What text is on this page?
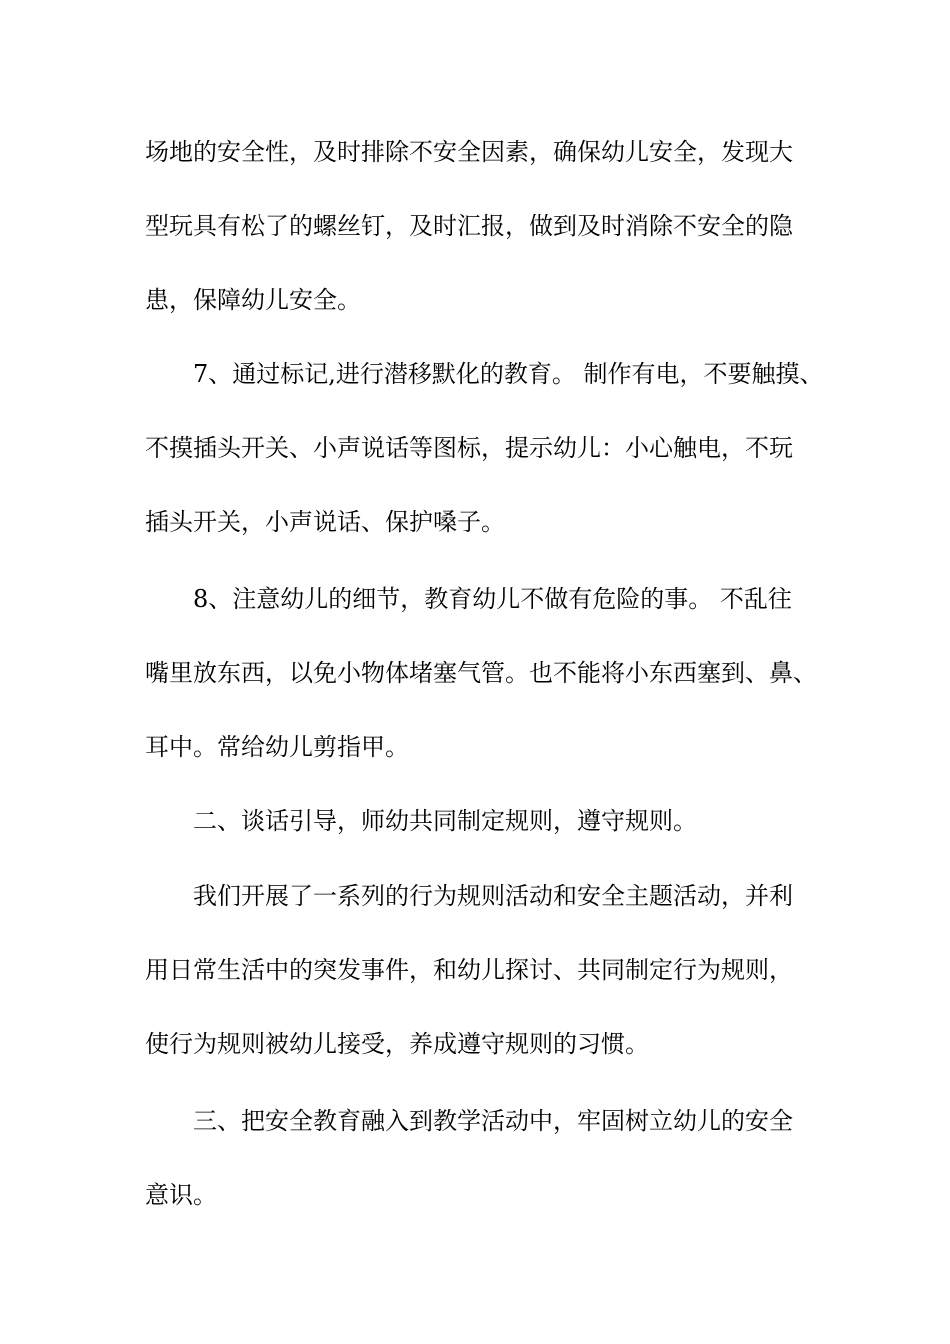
场地的安全性，及时排除不安全因素，确保幼儿安全，发现大
型玩具有松了的螺丝钉，及时汇报，做到及时消除不安全的隐
患，保障幼儿安全。
7、通过标记,进行潜移默化的教育。 制作有电，不要触摸、
不摸插头开关、小声说话等图标，提示幼儿：小心触电，不玩
插头开关，小声说话、保护嗓子。
8、注意幼儿的细节，教育幼儿不做有危险的事。 不乱往
嘴里放东西，以免小物体堵塞气管。也不能将小东西塞到、鼻、
耳中。常给幼儿剪指甲。
二、谈话引导，师幼共同制定规则，遵守规则。
我们开展了一系列的行为规则活动和安全主题活动，并利
用日常生活中的突发事件，和幼儿探讨、共同制定行为规则，
使行为规则被幼儿接受，养成遵守规则的习惯。
三、把安全教育融入到教学活动中，牢固树立幼儿的安全
意识。
